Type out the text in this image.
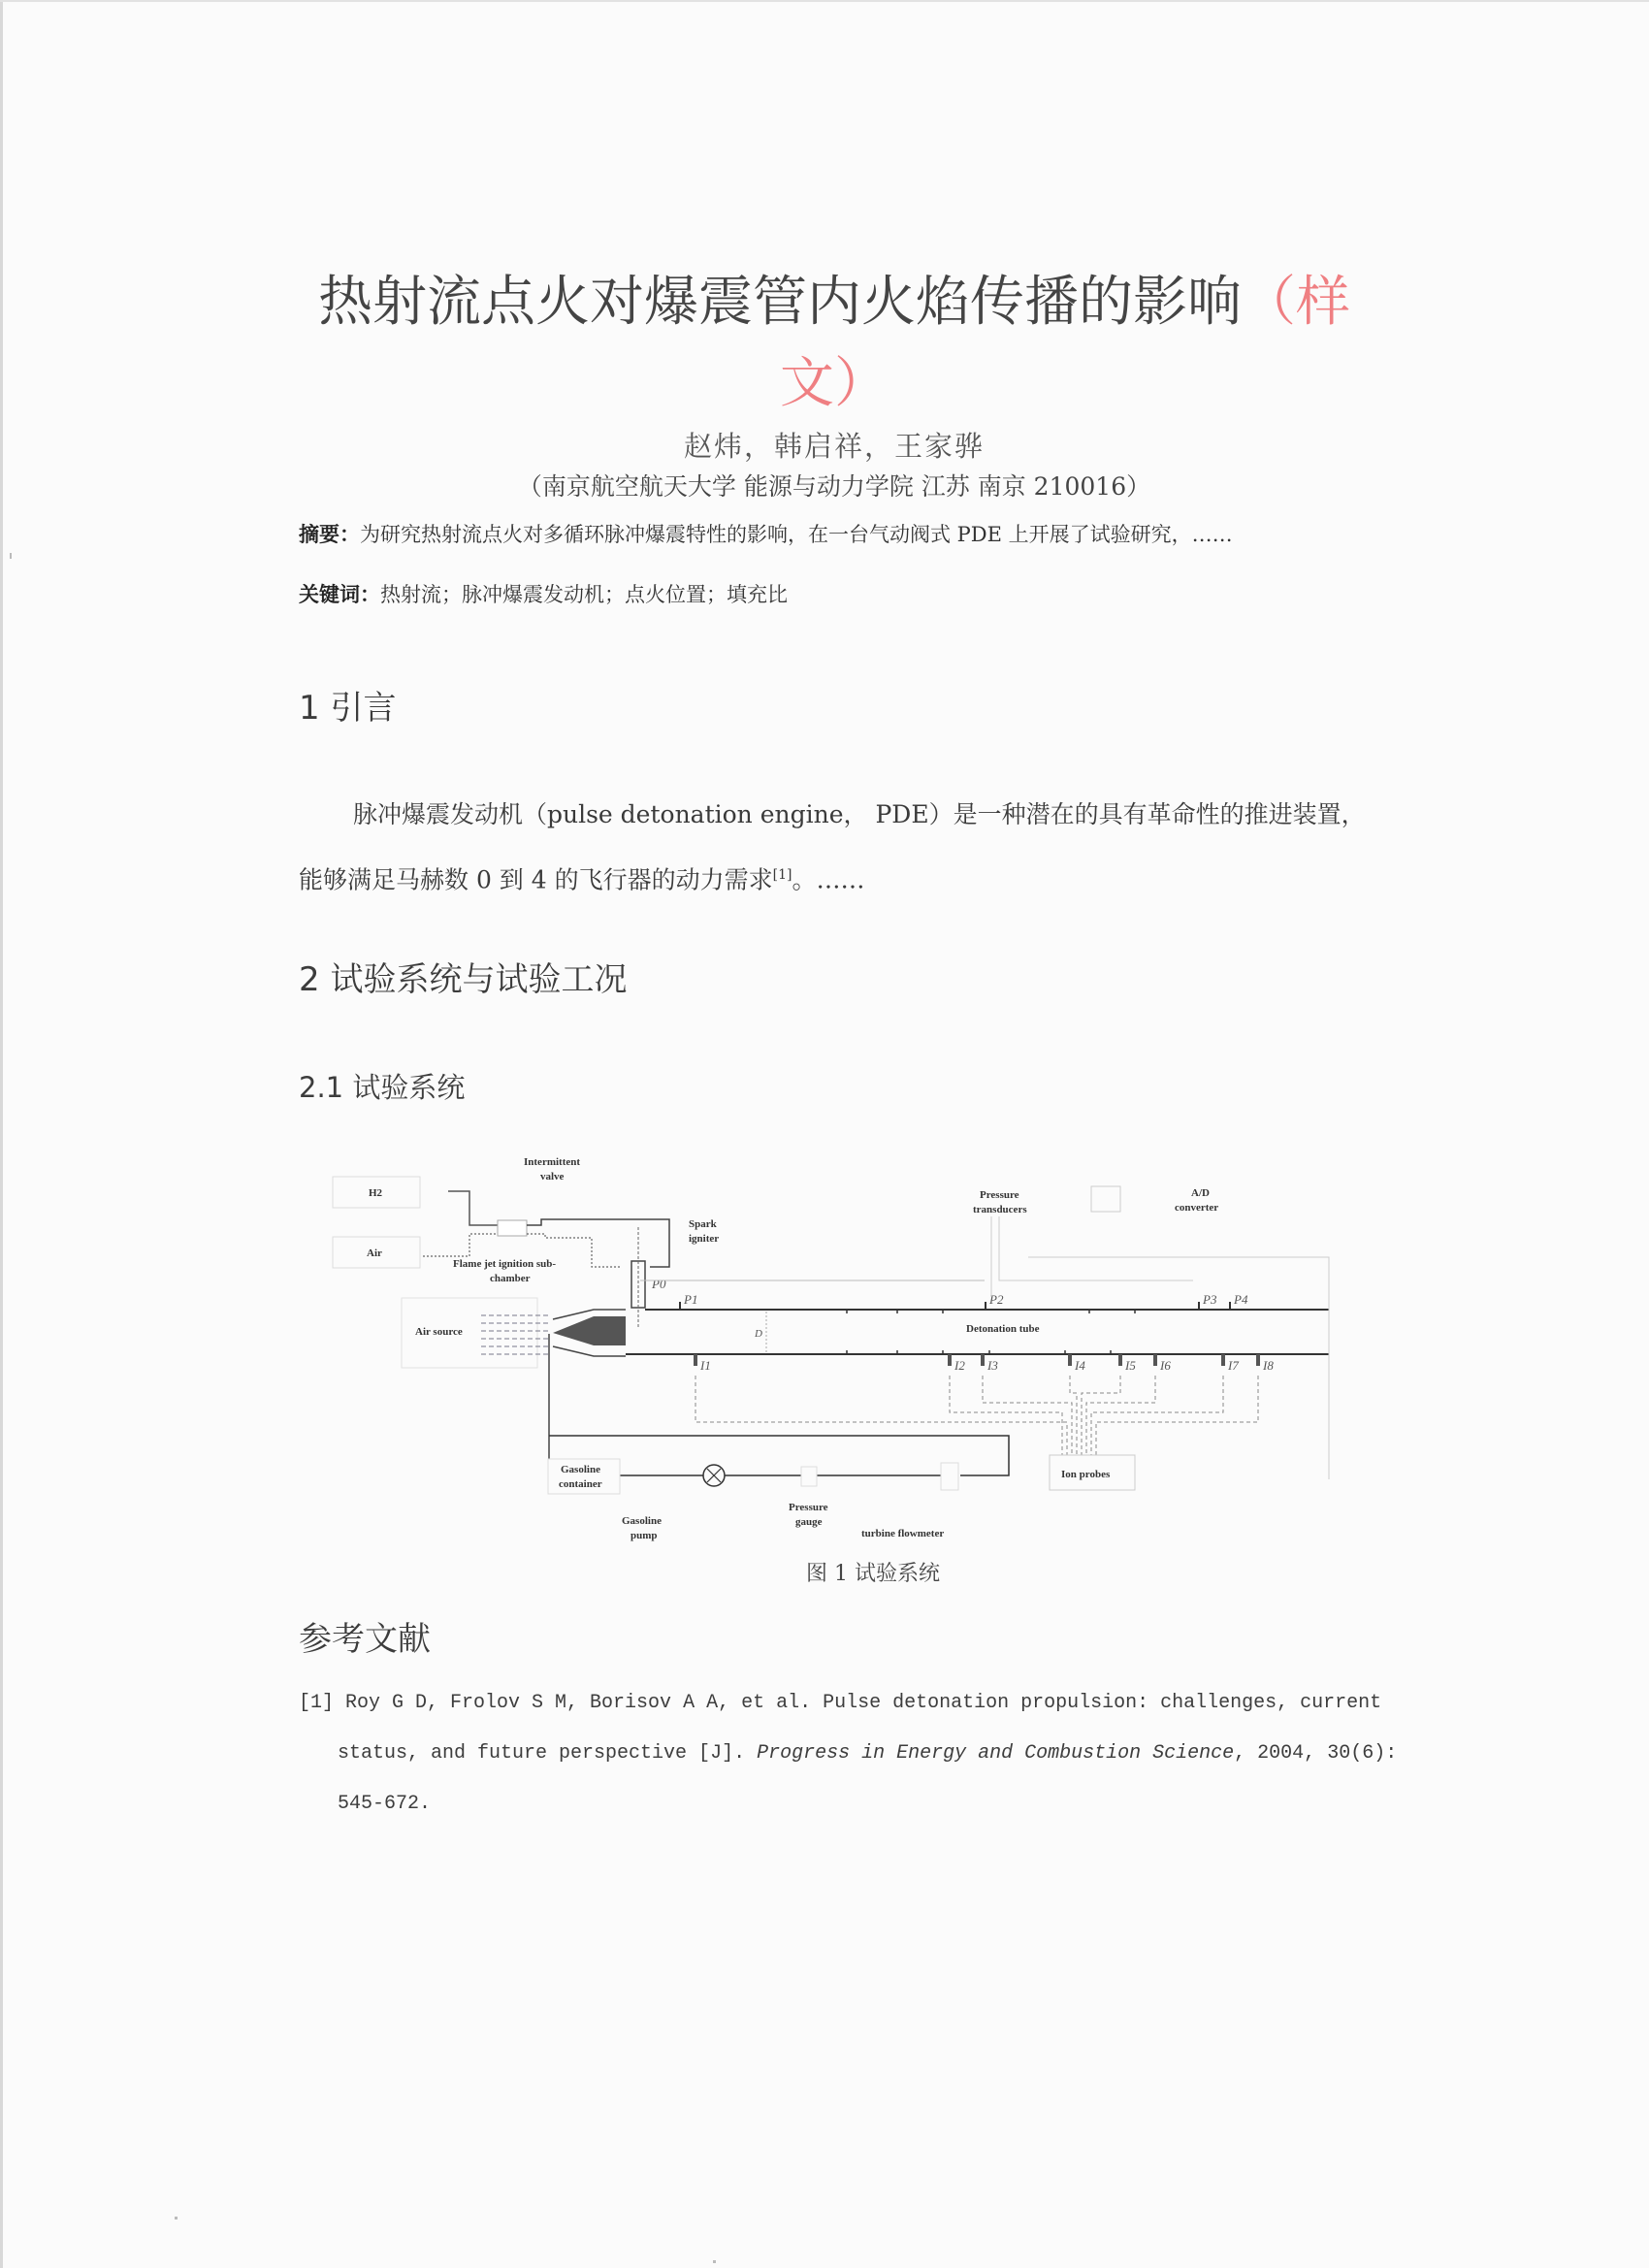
热射流点火对爆震管内火焰传播的影响（样
文）
赵炜，韩启祥，王家骅
（南京航空航天大学 能源与动力学院 江苏 南京 210016）
摘要：为研究热射流点火对多循环脉冲爆震特性的影响，在一台气动阀式 PDE 上开展了试验研究，……
关键词：热射流；脉冲爆震发动机；点火位置；填充比
1 引言
脉冲爆震发动机（pulse detonation engine， PDE）是一种潜在的具有革命性的推进装置，
能够满足马赫数 0 到 4 的飞行器的动力需求[1]。……
2 试验系统与试验工况
2.1 试验系统
H2
Air
Intermittent
valve
Spark
igniter
Flame jet ignition sub-
chamber	P0
Air source	D	Detonation tube
P1	P2	P3 P4
Pressure
transducers
A/D
converter
I1	I2 I3	I4	I5 I6	I7 I8
Ion probes
Gasoline
container
Gasoline
pump
Pressure
gauge
turbine flowmeter
图 1 试验系统
参考文献
[1] Roy G D, Frolov S M, Borisov A A, et al. Pulse detonation propulsion: challenges, current
status, and future perspective [J]. Progress in Energy and Combustion Science, 2004, 30(6):
545-672.
